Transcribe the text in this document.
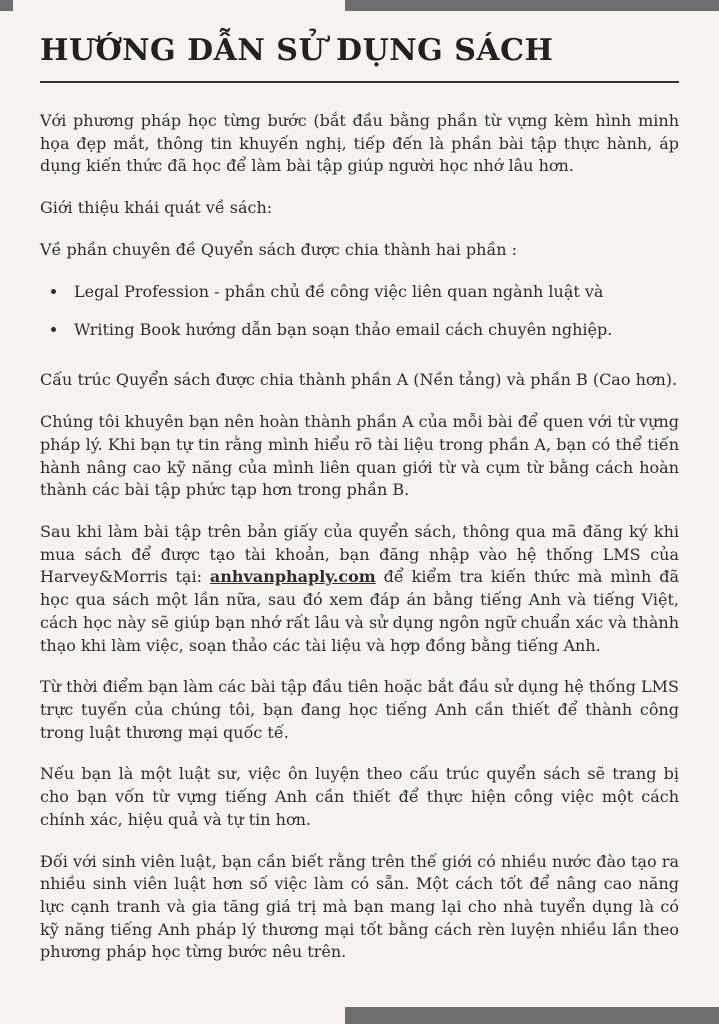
HƯỚNG DẪN SỬ DỤNG SÁCH

Với phương pháp học từng bước (bắt đầu bằng phần từ vựng kèm hình minh họa đẹp mắt, thông tin khuyến nghị, tiếp đến là phần bài tập thực hành, áp dụng kiến thức đã học để làm bài tập giúp người học nhớ lâu hơn.

Giới thiệu khái quát về sách:

Về phần chuyên đề Quyển sách được chia thành hai phần :

• Legal Profession - phần chủ đề công việc liên quan ngành luật và
• Writing Book hướng dẫn bạn soạn thảo email cách chuyên nghiệp.

Cấu trúc Quyển sách được chia thành phần A (Nền tảng) và phần B (Cao hơn).

Chúng tôi khuyên bạn nên hoàn thành phần A của mỗi bài để quen với từ vựng pháp lý. Khi bạn tự tin rằng mình hiểu rõ tài liệu trong phần A, bạn có thể tiến hành nâng cao kỹ năng của mình liên quan giới từ và cụm từ bằng cách hoàn thành các bài tập phức tạp hơn trong phần B.

Sau khi làm bài tập trên bản giấy của quyển sách, thông qua mã đăng ký khi mua sách để được tạo tài khoản, bạn đăng nhập vào hệ thống LMS của Harvey&Morris tại: anhvanphaply.com để kiểm tra kiến thức mà mình đã học qua sách một lần nữa, sau đó xem đáp án bằng tiếng Anh và tiếng Việt, cách học này sẽ giúp bạn nhớ rất lâu và sử dụng ngôn ngữ chuẩn xác và thành thạo khi làm việc, soạn thảo các tài liệu và hợp đồng bằng tiếng Anh.

Từ thời điểm bạn làm các bài tập đầu tiên hoặc bắt đầu sử dụng hệ thống LMS trực tuyến của chúng tôi, bạn đang học tiếng Anh cần thiết để thành công trong luật thương mại quốc tế.

Nếu bạn là một luật sư, việc ôn luyện theo cấu trúc quyển sách sẽ trang bị cho bạn vốn từ vựng tiếng Anh cần thiết để thực hiện công việc một cách chính xác, hiệu quả và tự tin hơn.

Đối với sinh viên luật, bạn cần biết rằng trên thế giới có nhiều nước đào tạo ra nhiều sinh viên luật hơn số việc làm có sẵn. Một cách tốt để nâng cao năng lực cạnh tranh và gia tăng giá trị mà bạn mang lại cho nhà tuyển dụng là có kỹ năng tiếng Anh pháp lý thương mại tốt bằng cách rèn luyện nhiều lần theo phương pháp học từng bước nêu trên.
